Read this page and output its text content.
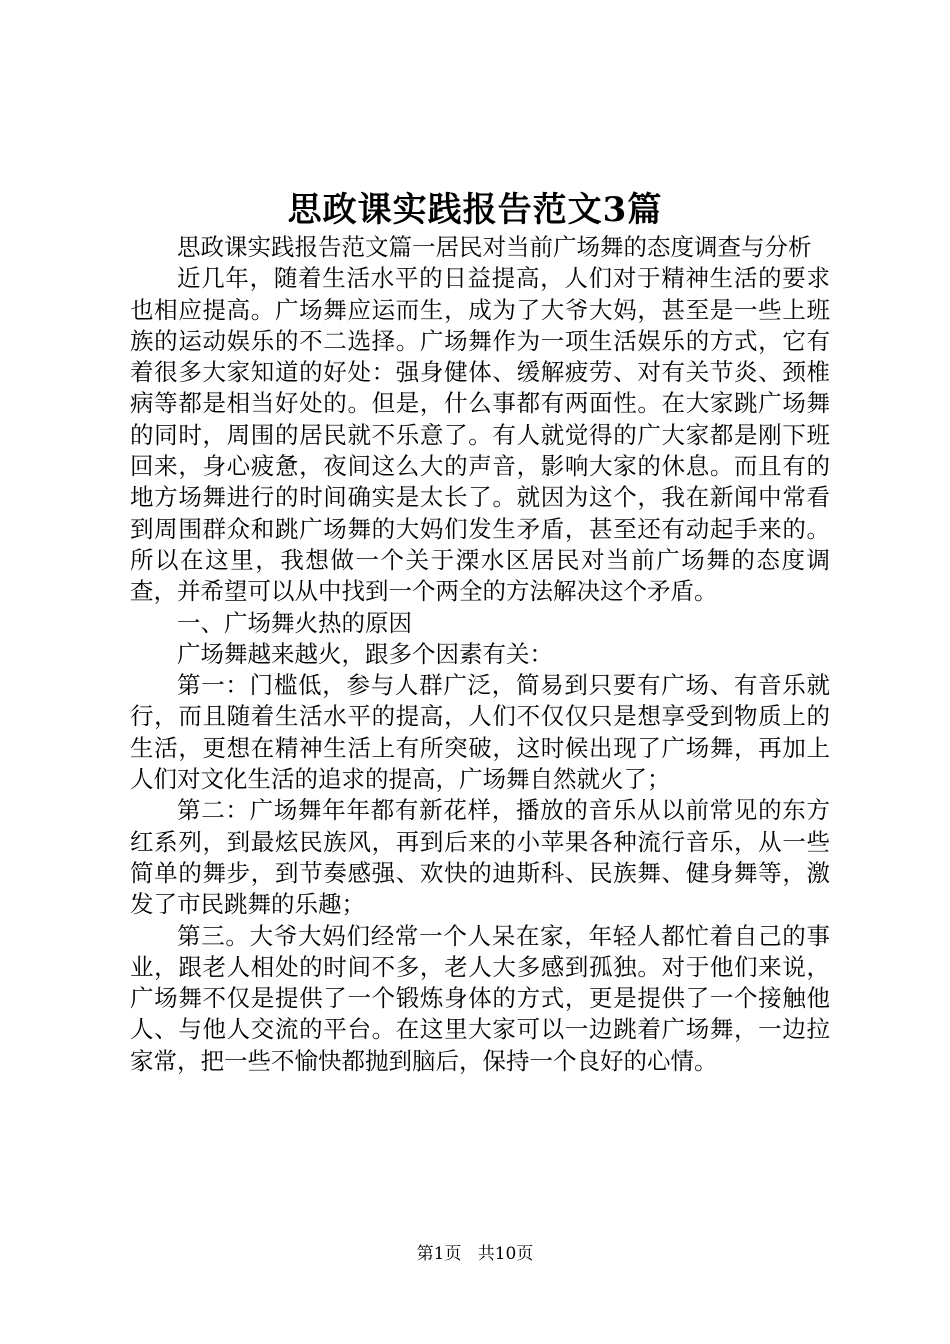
思政课实践报告范文3篇

思政课实践报告范文篇一居民对当前广场舞的态度调查与分析

近几年，随着生活水平的日益提高，人们对于精神生活的要求也相应提高。广场舞应运而生，成为了大爷大妈，甚至是一些上班族的运动娱乐的不二选择。广场舞作为一项生活娱乐的方式，它有着很多大家知道的好处：强身健体、缓解疲劳、对有关节炎、颈椎病等都是相当好处的。但是，什么事都有两面性。在大家跳广场舞的同时，周围的居民就不乐意了。有人就觉得的广大家都是刚下班回来，身心疲惫，夜间这么大的声音，影响大家的休息。而且有的地方场舞进行的时间确实是太长了。就因为这个，我在新闻中常看到周围群众和跳广场舞的大妈们发生矛盾，甚至还有动起手来的。所以在这里，我想做一个关于溧水区居民对当前广场舞的态度调查，并希望可以从中找到一个两全的方法解决这个矛盾。

一、广场舞火热的原因

广场舞越来越火，跟多个因素有关：

第一：门槛低，参与人群广泛，简易到只要有广场、有音乐就行，而且随着生活水平的提高，人们不仅仅只是想享受到物质上的生活，更想在精神生活上有所突破，这时候出现了广场舞，再加上人们对文化生活的追求的提高，广场舞自然就火了；

第二：广场舞年年都有新花样，播放的音乐从以前常见的东方红系列，到最炫民族风，再到后来的小苹果各种流行音乐，从一些简单的舞步，到节奏感强、欢快的迪斯科、民族舞、健身舞等，激发了市民跳舞的乐趣；

第三。大爷大妈们经常一个人呆在家，年轻人都忙着自己的事业，跟老人相处的时间不多，老人大多感到孤独。对于他们来说，广场舞不仅是提供了一个锻炼身体的方式，更是提供了一个接触他人、与他人交流的平台。在这里大家可以一边跳着广场舞，一边拉家常，把一些不愉快都抛到脑后，保持一个良好的心情。

第1页 共10页
